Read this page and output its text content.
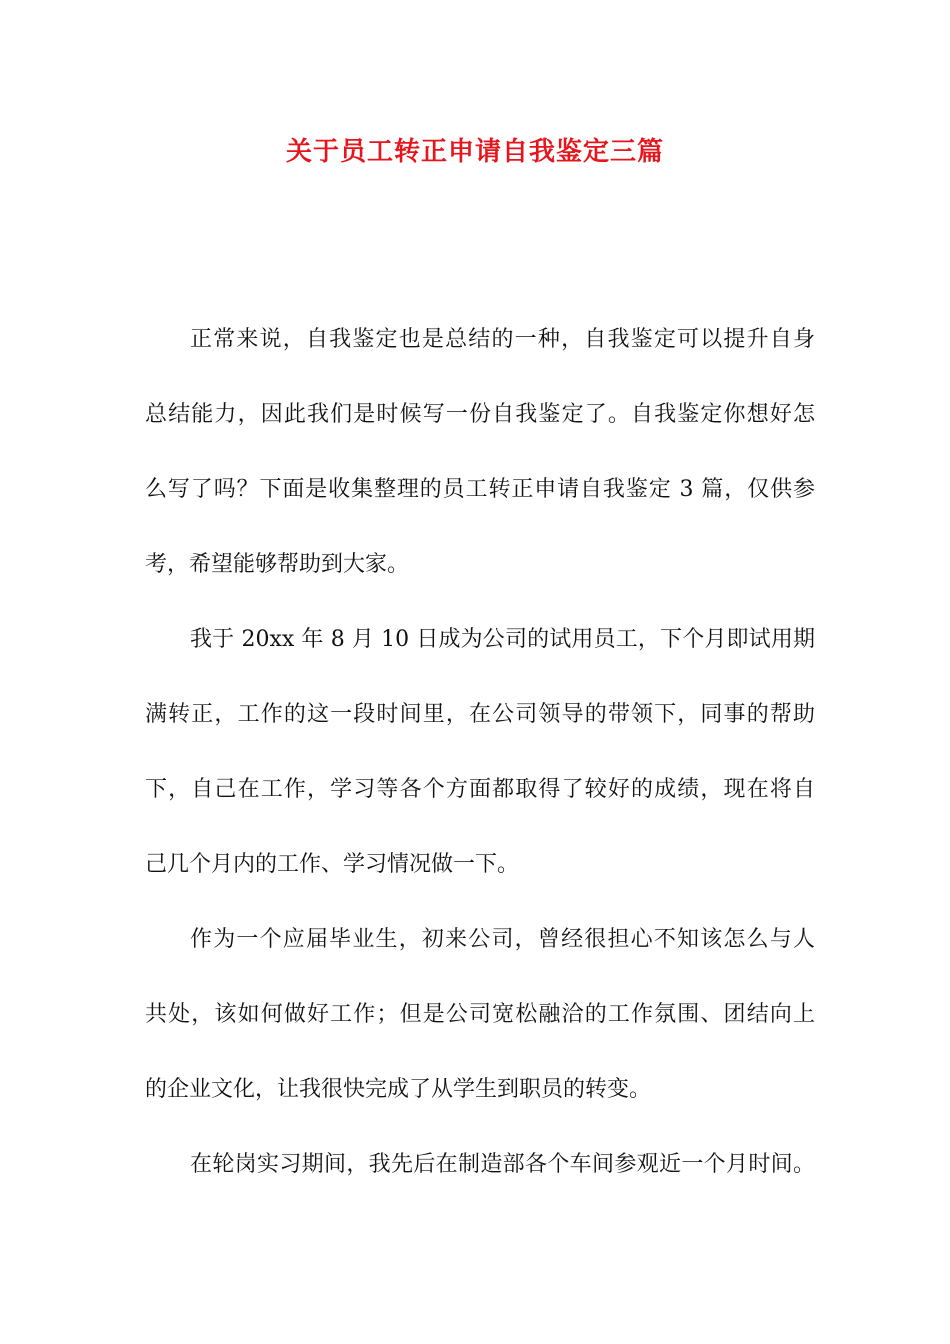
关于员工转正申请自我鉴定三篇
正常来说，自我鉴定也是总结的一种，自我鉴定可以提升自身
总结能力，因此我们是时候写一份自我鉴定了。自我鉴定你想好怎
么写了吗？下面是收集整理的员工转正申请自我鉴定 3 篇，仅供参
考，希望能够帮助到大家。
我于 20xx 年 8 月 10 日成为公司的试用员工，下个月即试用期
满转正，工作的这一段时间里，在公司领导的带领下，同事的帮助
下，自己在工作，学习等各个方面都取得了较好的成绩，现在将自
己几个月内的工作、学习情况做一下。
作为一个应届毕业生，初来公司，曾经很担心不知该怎么与人
共处，该如何做好工作；但是公司宽松融洽的工作氛围、团结向上
的企业文化，让我很快完成了从学生到职员的转变。
在轮岗实习期间，我先后在制造部各个车间参观近一个月时间。
